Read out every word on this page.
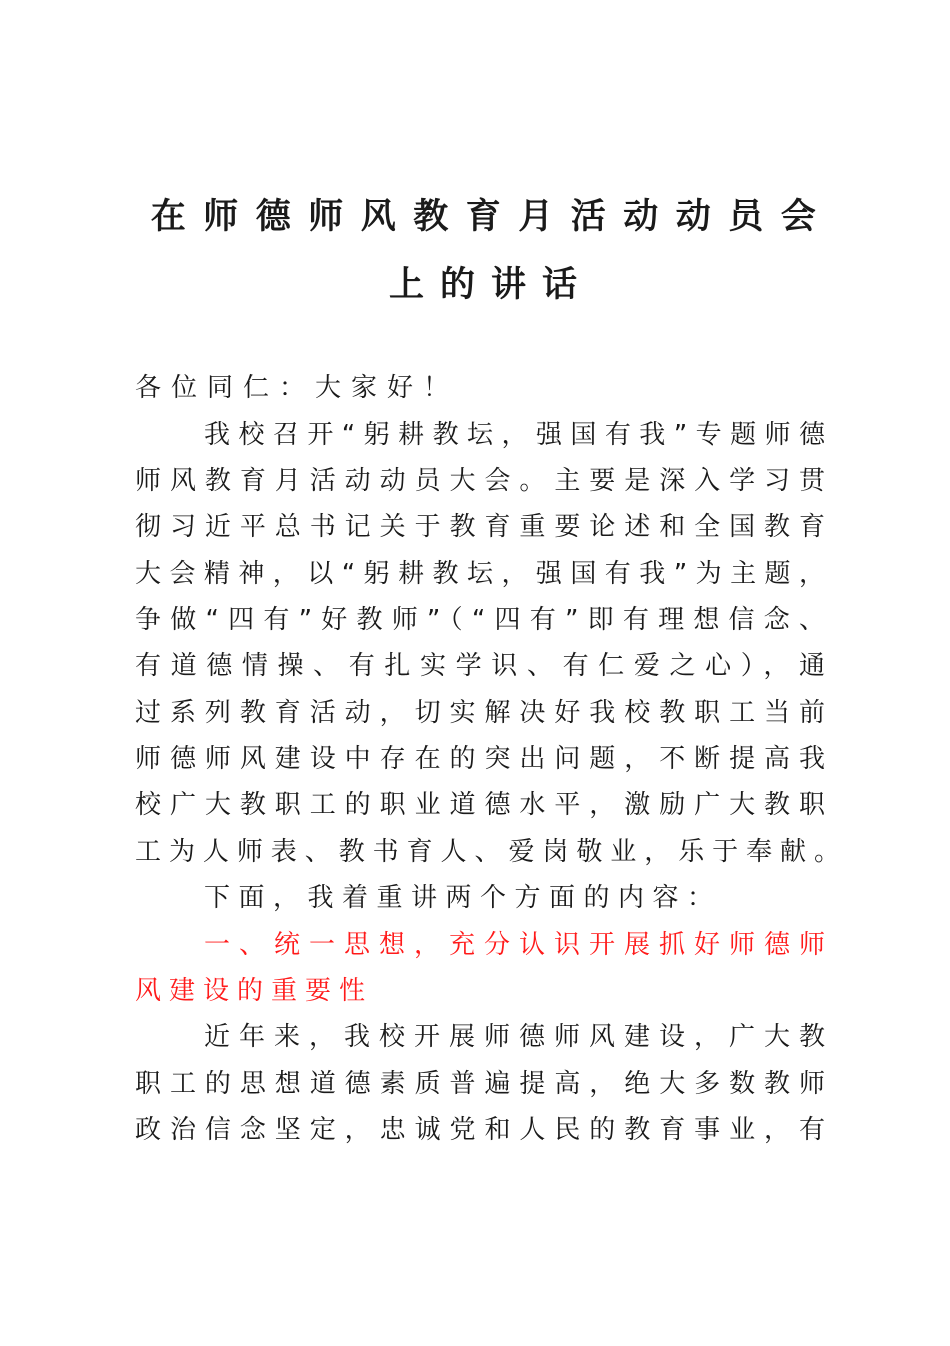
在师德师风教育月活动动员会
上的讲话
各位同仁：大家好！
我校召开“躬耕教坛，强国有我”专题师德
师风教育月活动动员大会。主要是深入学习贯
彻习近平总书记关于教育重要论述和全国教育
大会精神，以“躬耕教坛，强国有我”为主题，
争做“四有”好教师”（“四有”即有理想信念、
有道德情操、有扎实学识、有仁爱之心），通
过系列教育活动，切实解决好我校教职工当前
师德师风建设中存在的突出问题，不断提高我
校广大教职工的职业道德水平，激励广大教职
工为人师表、教书育人、爱岗敬业，乐于奉献。
下面，我着重讲两个方面的内容：
一、统一思想，充分认识开展抓好师德师
风建设的重要性
近年来，我校开展师德师风建设，广大教
职工的思想道德素质普遍提高，绝大多数教师
政治信念坚定，忠诚党和人民的教育事业，有
